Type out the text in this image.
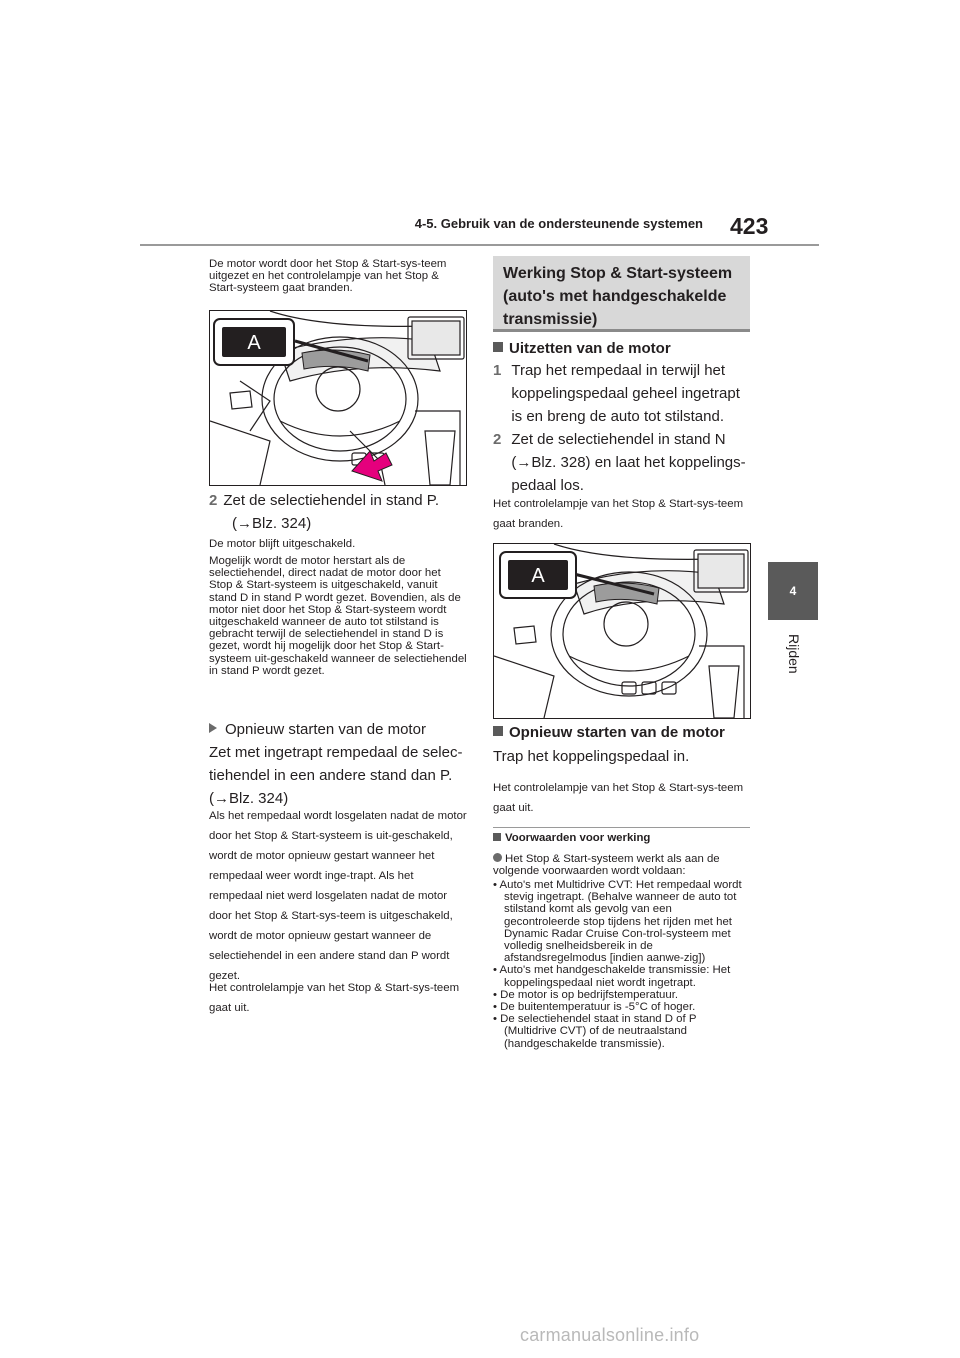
4-5. Gebruik van de ondersteunende systemen 423
4
Rijden
De motor wordt door het Stop & Start-sys-teem uitgezet en het controlelampje van het Stop & Start-systeem gaat branden.
A
2 Zet de selectiehendel in stand P.
(→Blz. 324)
De motor blijft uitgeschakeld.
Mogelijk wordt de motor herstart als de selectiehendel, direct nadat de motor door het Stop & Start-systeem is uitgeschakeld, vanuit stand D in stand P wordt gezet. Bovendien, als de motor niet door het Stop & Start-systeem wordt uitgeschakeld wanneer de auto tot stilstand is gebracht terwijl de selectiehendel in stand D is gezet, wordt hij mogelijk door het Stop & Start-systeem uit-geschakeld wanneer de selectiehendel in stand P wordt gezet.
Opnieuw starten van de motor
Zet met ingetrapt rempedaal de selec-tiehendel in een andere stand dan P. (→Blz. 324)
Als het rempedaal wordt losgelaten nadat de motor door het Stop & Start-systeem is uit-geschakeld, wordt de motor opnieuw gestart wanneer het rempedaal weer wordt inge-trapt. Als het rempedaal niet werd losgelaten nadat de motor door het Stop & Start-sys-teem is uitgeschakeld, wordt de motor opnieuw gestart wanneer de selectiehendel in een andere stand dan P wordt gezet.
Het controlelampje van het Stop & Start-sys-teem gaat uit.
Werking Stop & Start-systeem (auto's met handgeschakelde transmissie)
Uitzetten van de motor
1 Trap het rempedaal in terwijl het koppelingspedaal geheel ingetrapt is en breng de auto tot stilstand.
2 Zet de selectiehendel in stand N (→Blz. 328) en laat het koppelings-pedaal los.
Het controlelampje van het Stop & Start-sys-teem gaat branden.
A
Opnieuw starten van de motor
Trap het koppelingspedaal in.
Het controlelampje van het Stop & Start-sys-teem gaat uit.
Voorwaarden voor werking
Het Stop & Start-systeem werkt als aan de volgende voorwaarden wordt voldaan:
• Auto's met Multidrive CVT: Het rempedaal wordt stevig ingetrapt. (Behalve wanneer de auto tot stilstand komt als gevolg van een gecontroleerde stop tijdens het rijden met het Dynamic Radar Cruise Con-trol-systeem met volledig snelheidsbereik in de afstandsregelmodus [indien aanwe-zig])
• Auto's met handgeschakelde transmissie: Het koppelingspedaal niet wordt ingetrapt.
• De motor is op bedrijfstemperatuur.
• De buitentemperatuur is -5°C of hoger.
• De selectiehendel staat in stand D of P (Multidrive CVT) of de neutraalstand (handgeschakelde transmissie).
carmanualsonline.info
